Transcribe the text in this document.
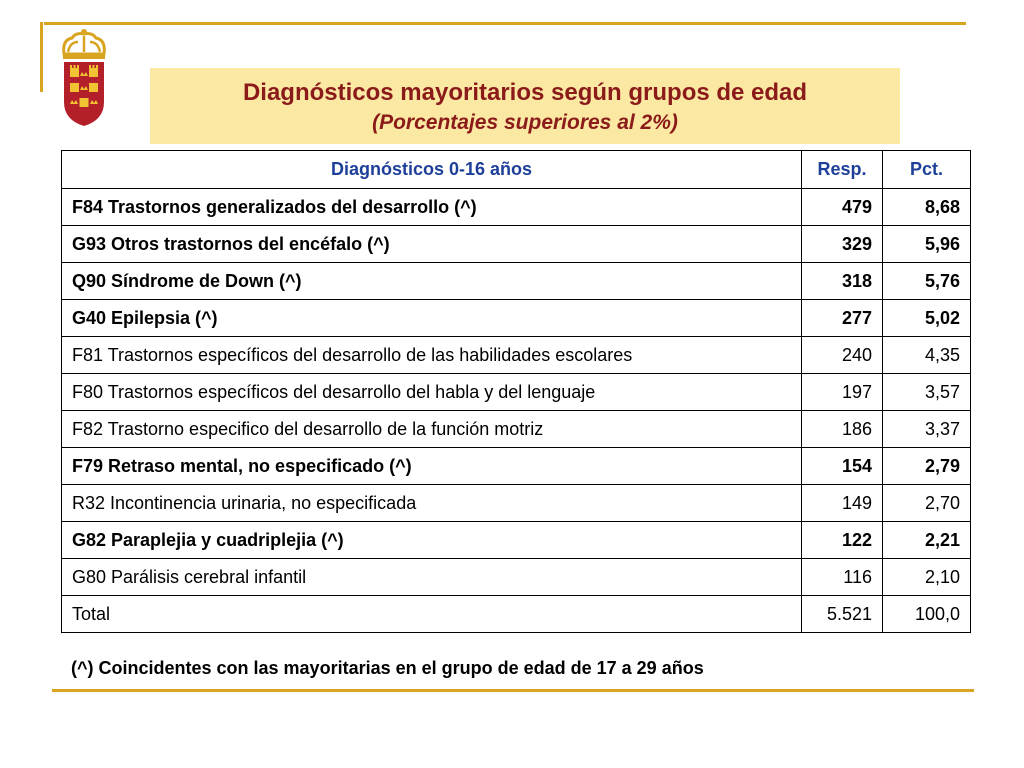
Diagnósticos mayoritarios según grupos de edad
(Porcentajes superiores al 2%)
Diagnósticos 0-16 años	Resp.	Pct.
F84 Trastornos generalizados del desarrollo (^)	479	8,68
G93 Otros trastornos del encéfalo (^)	329	5,96
Q90 Síndrome de Down (^)	318	5,76
G40 Epilepsia (^)	277	5,02
F81 Trastornos específicos del desarrollo de las habilidades escolares	240	4,35
F80 Trastornos específicos del desarrollo del habla y del lenguaje	197	3,57
F82 Trastorno especifico del desarrollo de la función motriz	186	3,37
F79 Retraso mental, no especificado (^)	154	2,79
R32 Incontinencia urinaria, no especificada	149	2,70
G82 Paraplejia y cuadriplejia (^)	122	2,21
G80 Parálisis cerebral infantil	116	2,10
Total	5.521	100,0
(^) Coincidentes con las mayoritarias en el grupo de edad de 17 a 29 años
